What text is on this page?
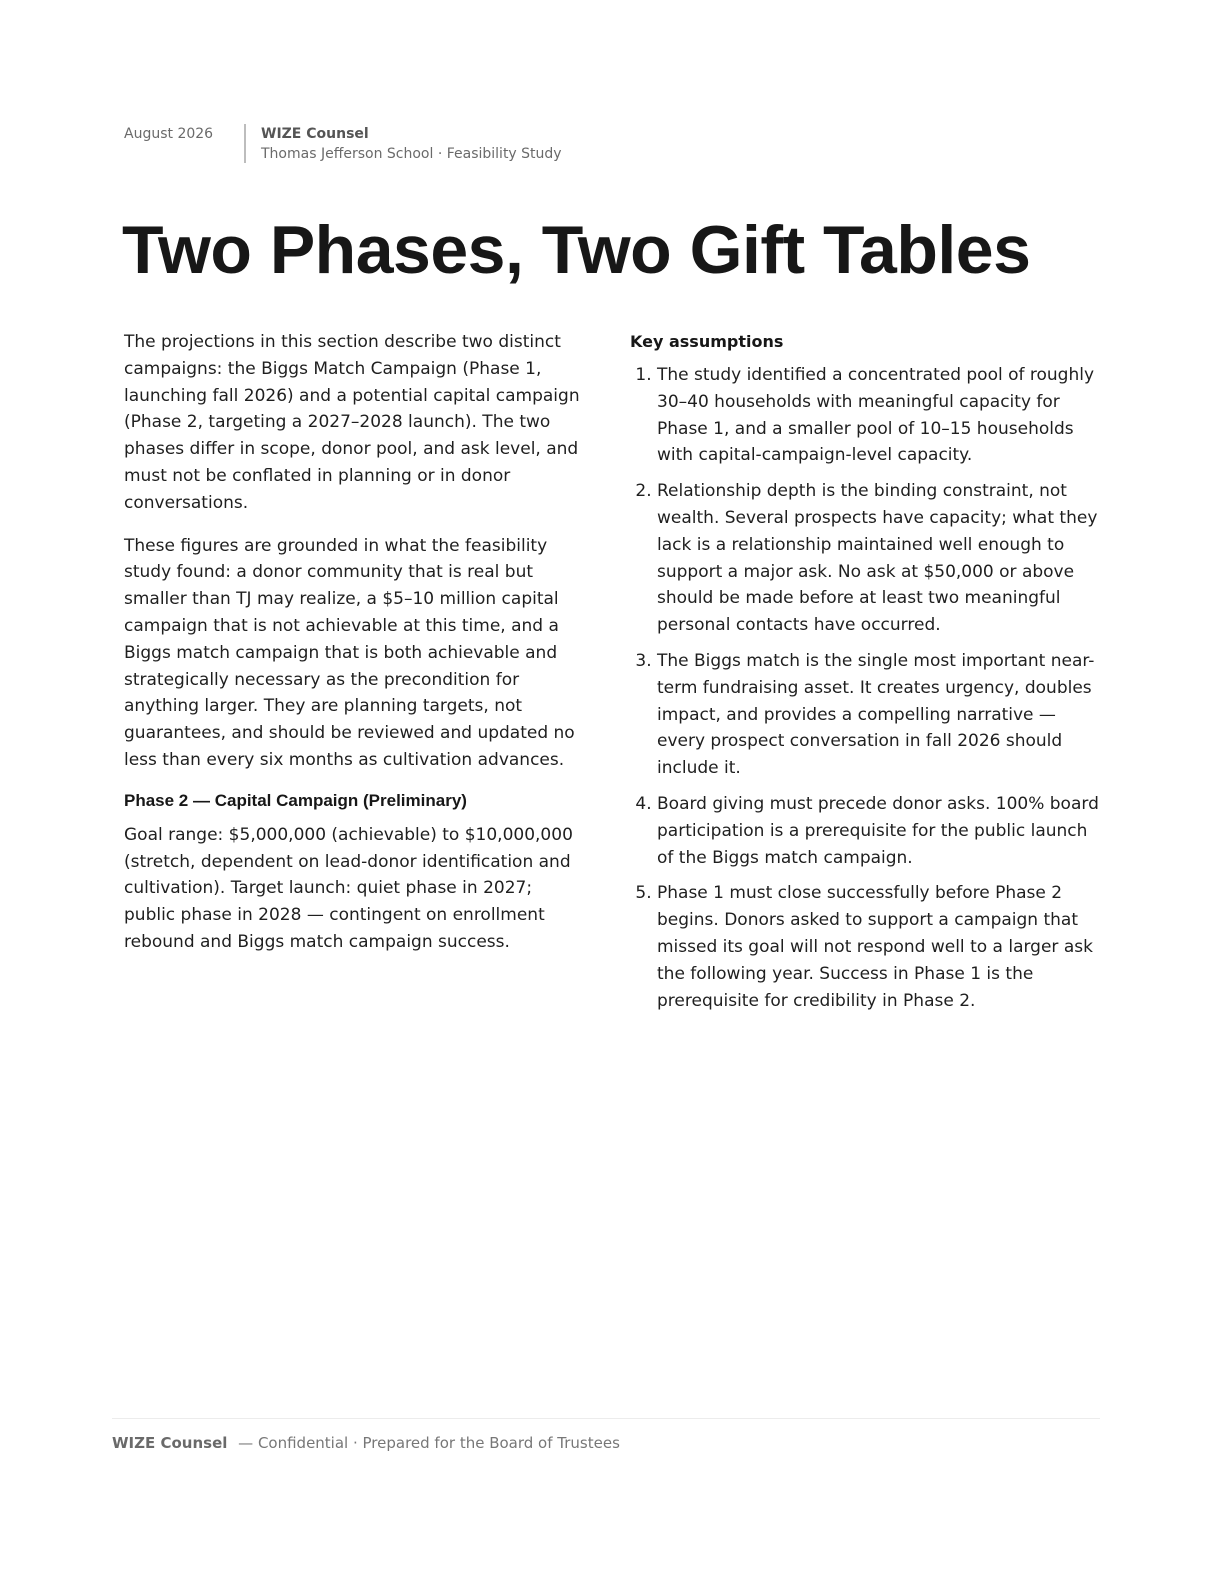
August 2026	WIZE Counsel
Thomas Jefferson School · Feasibility Study
Two Phases, Two Gift Tables

The projections in this section describe two distinct campaigns: the Biggs Match Campaign (Phase 1, launching fall 2026) and a potential capital campaign (Phase 2, targeting a 2027–2028 launch). The two phases differ in scope, donor pool, and ask level, and must not be conflated in planning or in donor conversations.

These figures are grounded in what the feasibility study found: a donor community that is real but smaller than TJ may realize, a $5–10 million capital campaign that is not achievable at this time, and a Biggs match campaign that is both achievable and strategically necessary as the precondition for anything larger. They are planning targets, not guarantees, and should be reviewed and updated no less than every six months as cultivation advances.

Phase 2 — Capital Campaign (Preliminary)

Goal range: $5,000,000 (achievable) to $10,000,000 (stretch, dependent on lead-donor identification and cultivation). Target launch: quiet phase in 2027; public phase in 2028 — contingent on enrollment rebound and Biggs match campaign success.

Key assumptions
1. The study identified a concentrated pool of roughly 30–40 households with meaningful capacity for Phase 1, and a smaller pool of 10–15 households with capital-campaign-level capacity.
2. Relationship depth is the binding constraint, not wealth. Several prospects have capacity; what they lack is a relationship maintained well enough to support a major ask. No ask at $50,000 or above should be made before at least two meaningful personal contacts have occurred.
3. The Biggs match is the single most important near-term fundraising asset. It creates urgency, doubles impact, and provides a compelling narrative — every prospect conversation in fall 2026 should include it.
4. Board giving must precede donor asks. 100% board participation is a prerequisite for the public launch of the Biggs match campaign.
5. Phase 1 must close successfully before Phase 2 begins. Donors asked to support a campaign that missed its goal will not respond well to a larger ask the following year. Success in Phase 1 is the prerequisite for credibility in Phase 2.
WIZE Counsel — Confidential · Prepared for the Board of Trustees
